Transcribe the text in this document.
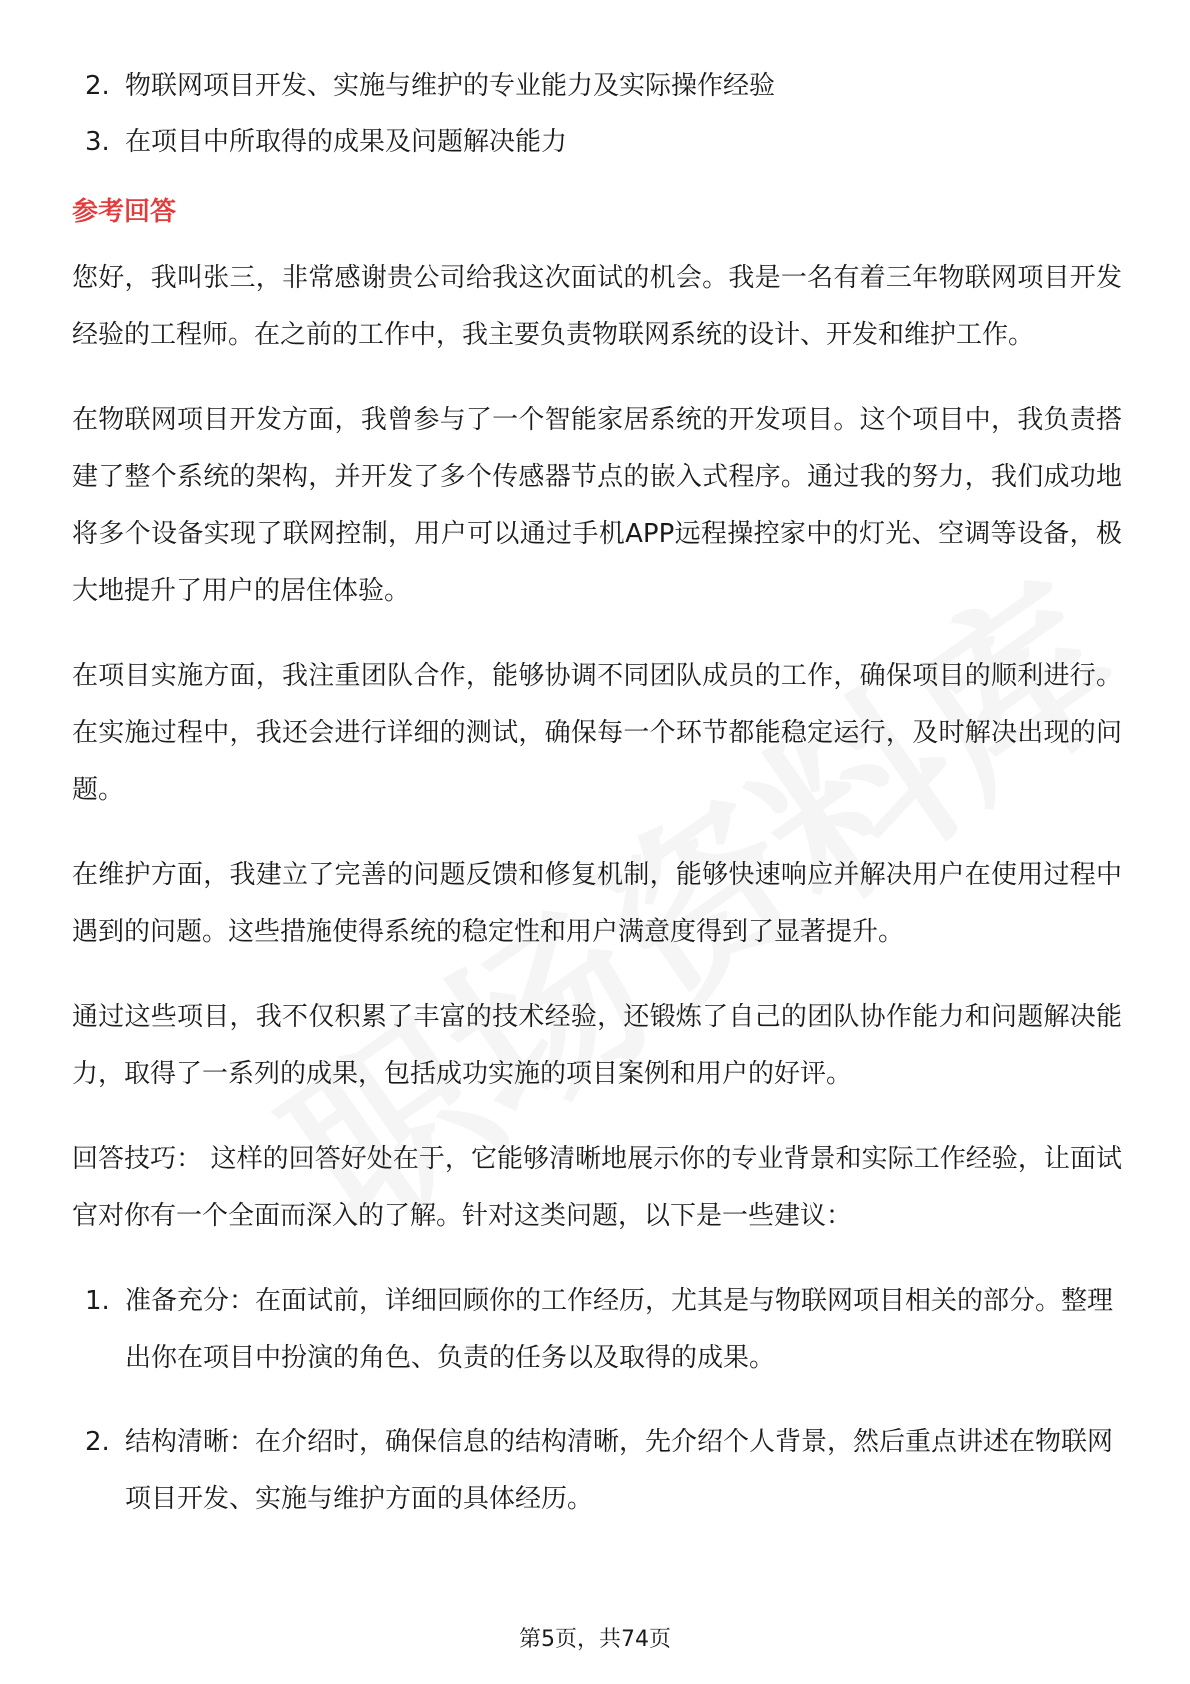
2. 物联网项目开发、实施与维护的专业能力及实际操作经验
3. 在项目中所取得的成果及问题解决能力
参考回答

您好，我叫张三，非常感谢贵公司给我这次面试的机会。我是一名有着三年物联网项目开发经验的工程师。在之前的工作中，我主要负责物联网系统的设计、开发和维护工作。

在物联网项目开发方面，我曾参与了一个智能家居系统的开发项目。这个项目中，我负责搭建了整个系统的架构，并开发了多个传感器节点的嵌入式程序。通过我的努力，我们成功地将多个设备实现了联网控制，用户可以通过手机APP远程操控家中的灯光、空调等设备，极大地提升了用户的居住体验。

在项目实施方面，我注重团队合作，能够协调不同团队成员的工作，确保项目的顺利进行。在实施过程中，我还会进行详细的测试，确保每一个环节都能稳定运行，及时解决出现的问题。

在维护方面，我建立了完善的问题反馈和修复机制，能够快速响应并解决用户在使用过程中遇到的问题。这些措施使得系统的稳定性和用户满意度得到了显著提升。

通过这些项目，我不仅积累了丰富的技术经验，还锻炼了自己的团队协作能力和问题解决能力，取得了一系列的成果，包括成功实施的项目案例和用户的好评。

回答技巧： 这样的回答好处在于，它能够清晰地展示你的专业背景和实际工作经验，让面试官对你有一个全面而深入的了解。针对这类问题，以下是一些建议：

1. 准备充分：在面试前，详细回顾你的工作经历，尤其是与物联网项目相关的部分。整理出你在项目中扮演的角色、负责的任务以及取得的成果。
2. 结构清晰：在介绍时，确保信息的结构清晰，先介绍个人背景，然后重点讲述在物联网项目开发、实施与维护方面的具体经历。
第5页，共74页
